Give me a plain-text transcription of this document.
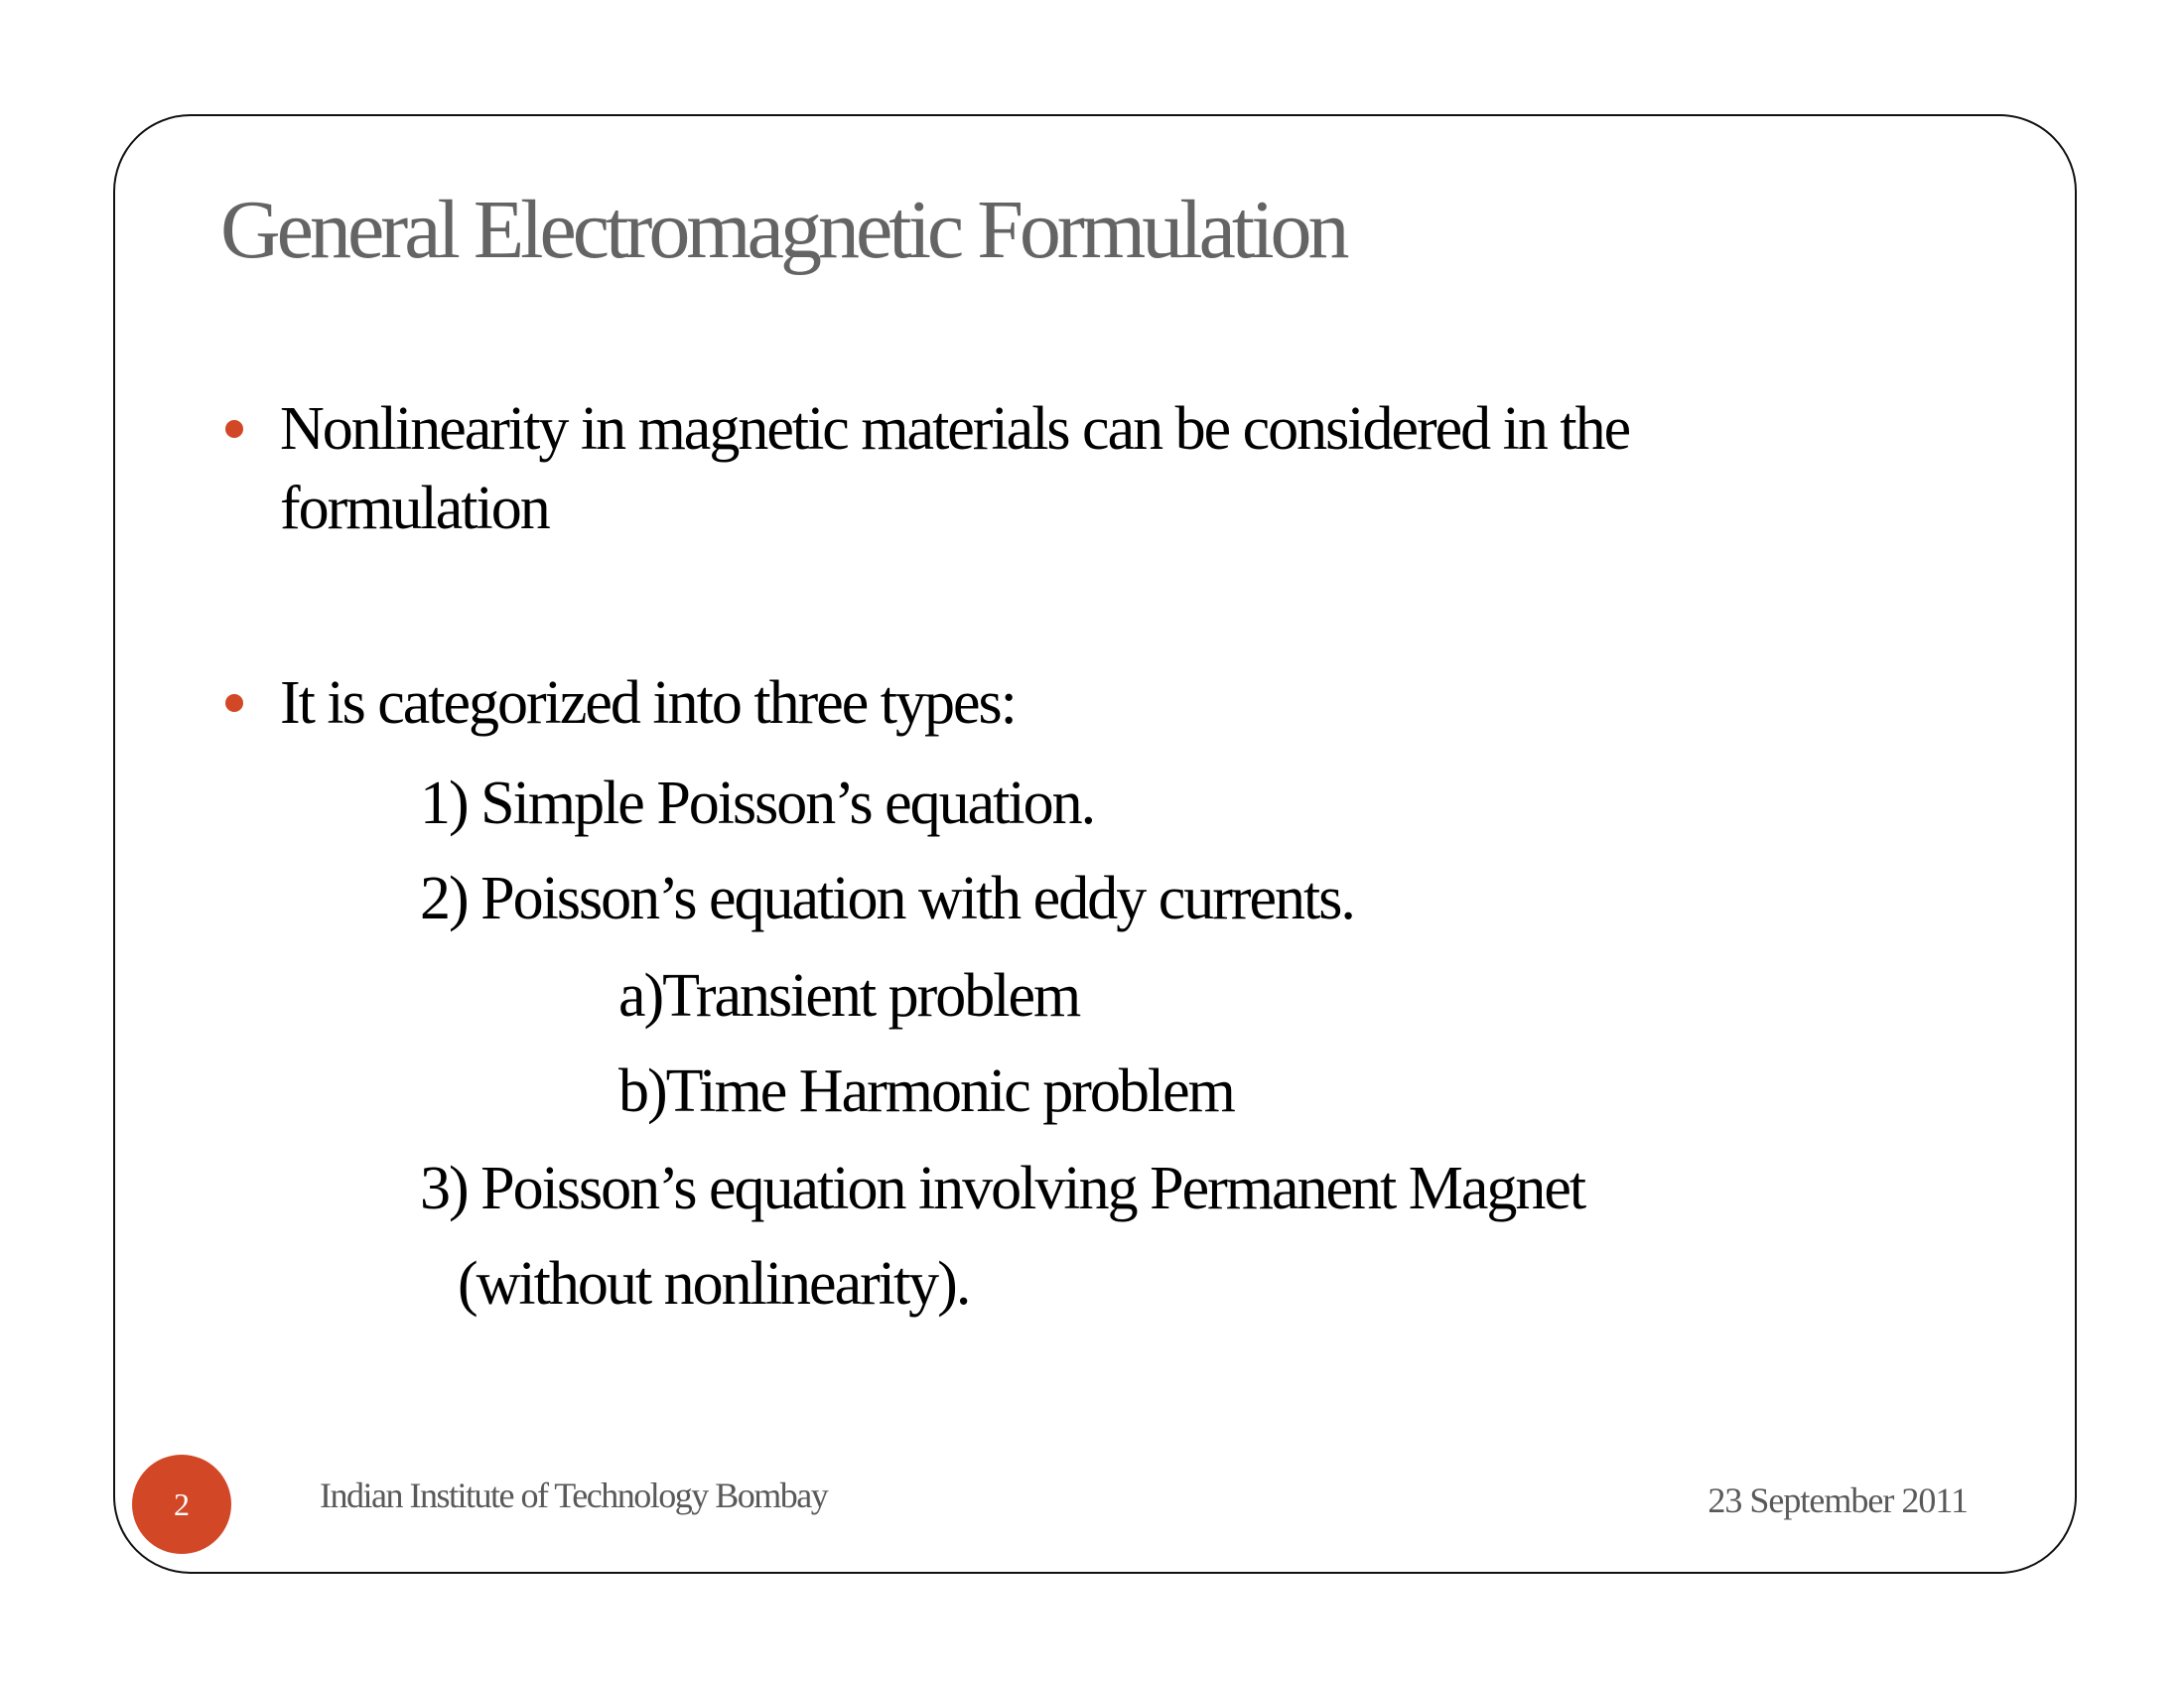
General Electromagnetic Formulation
Nonlinearity in magnetic materials can be considered in the formulation
It is categorized into three types:
1) Simple Poisson’s equation.
2) Poisson’s equation with eddy currents.
a)Transient problem
b)Time Harmonic problem
3) Poisson’s equation involving Permanent Magnet
(without nonlinearity).
2	Indian Institute of Technology Bombay	23 September 2011
